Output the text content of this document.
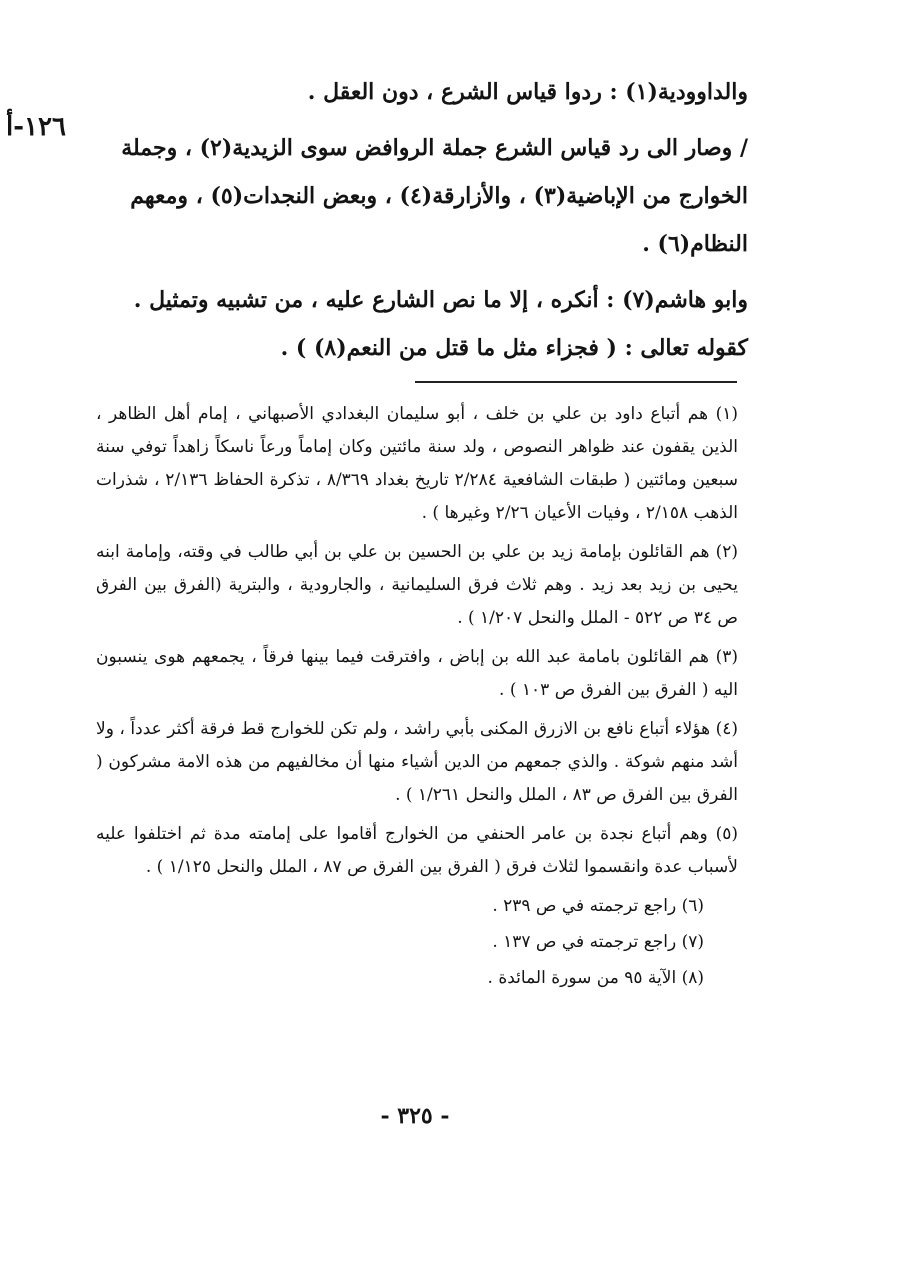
١٢٦-أ

والداوودية(١) : ردوا قياس الشرع ، دون العقل .

/ وصار الى رد قياس الشرع جملة الروافض سوى الزيدية(٢) ، وجملة الخوارج من الإباضية(٣) ، والأزارقة(٤) ، وبعض النجدات(٥) ، ومعهم النظام(٦) .

وابو هاشم(٧) : أنكره ، إلا ما نص الشارع عليه ، من تشبيه وتمثيل .

كقوله تعالى : ( فجزاء مثل ما قتل من النعم(٨) ) .

(١) هم أتباع داود بن علي بن خلف ، أبو سليمان البغدادي الأصبهاني ، إمام أهل الظاهر ، الذين يقفون عند ظواهر النصوص ، ولد سنة مائتين وكان إماماً ورعاً ناسكاً زاهداً توفي سنة سبعين ومائتين ( طبقات الشافعية ٢/٢٨٤ تاريخ بغداد ٨/٣٦٩ ، تذكرة الحفاظ ٢/١٣٦ ، شذرات الذهب ٢/١٥٨ ، وفيات الأعيان ٢/٢٦ وغيرها ) .

(٢) هم القائلون بإمامة زيد بن علي بن الحسين بن علي بن أبي طالب في وقته، وإمامة ابنه يحيى بن زيد بعد زيد . وهم ثلاث فرق السليمانية ، والجارودية ، والبترية (الفرق بين الفرق ص ٣٤ ص ٥٢٢ - الملل والنحل ١/٢٠٧ ) .

(٣) هم القائلون بامامة عبد الله بن إباض ، وافترقت فيما بينها فرقاً ، يجمعهم هوى ينسبون اليه ( الفرق بين الفرق ص ١٠٣ ) .

(٤) هؤلاء أتباع نافع بن الازرق المكنى بأبي راشد ، ولم تكن للخوارج قط فرقة أكثر عدداً ، ولا أشد منهم شوكة . والذي جمعهم من الدين أشياء منها أن مخالفيهم من هذه الامة مشركون ( الفرق بين الفرق ص ٨٣ ، الملل والنحل ١/٢٦١ ) .

(٥) وهم أتباع نجدة بن عامر الحنفي من الخوارج أقاموا على إمامته مدة ثم اختلفوا عليه لأسباب عدة وانقسموا لثلاث فرق ( الفرق بين الفرق ص ٨٧ ، الملل والنحل ١/١٢٥ ) .

(٦) راجع ترجمته في ص ٢٣٩ .

(٧) راجع ترجمته في ص ١٣٧ .

(٨) الآية ٩٥ من سورة المائدة .

- ٣٢٥ -
